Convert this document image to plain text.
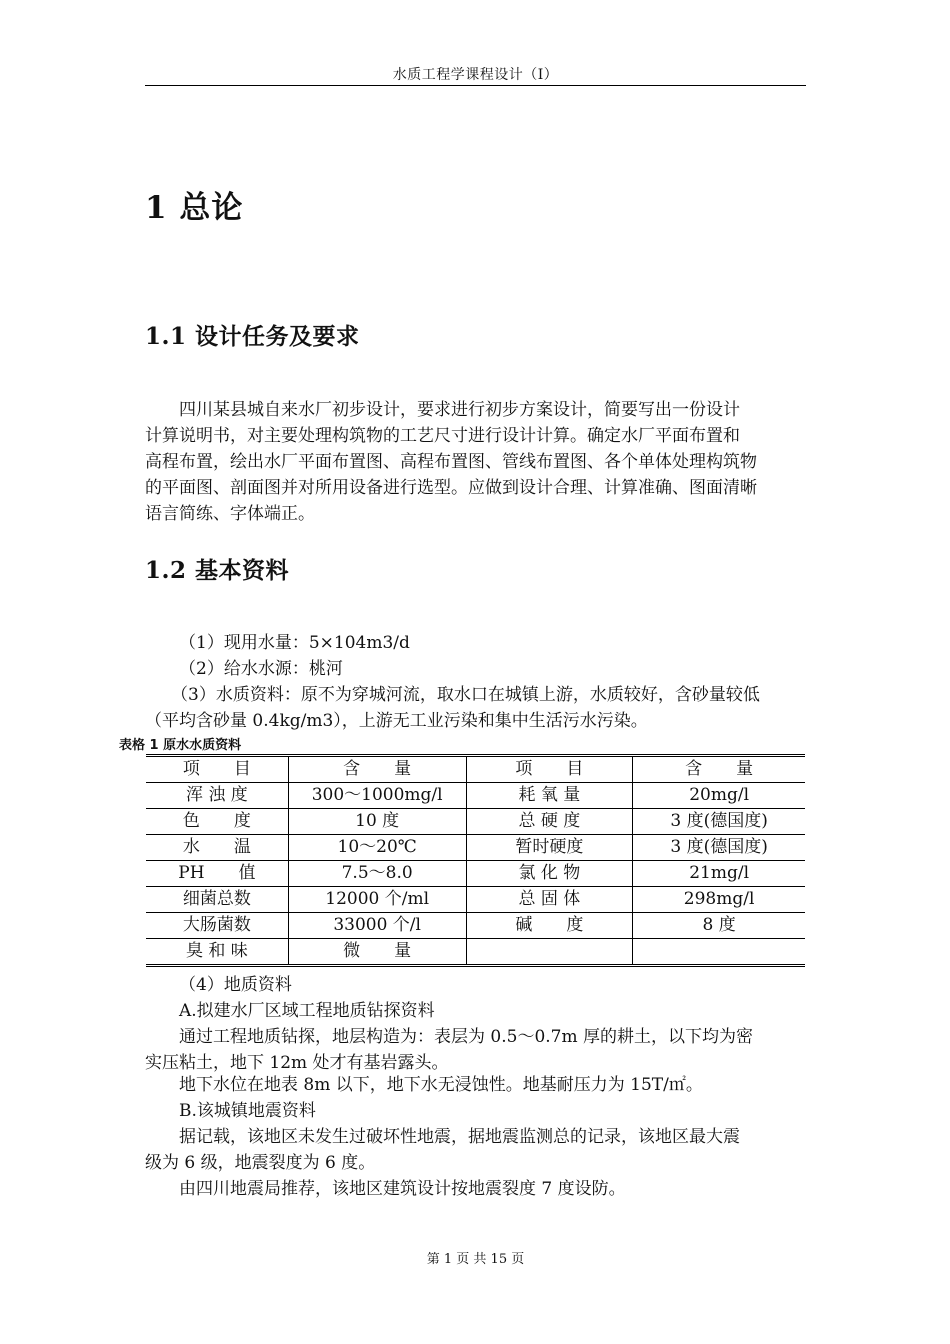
水质工程学课程设计（I）
1 总论
1.1 设计任务及要求
四川某县城自来水厂初步设计，要求进行初步方案设计，简要写出一份设计
计算说明书，对主要处理构筑物的工艺尺寸进行设计计算。确定水厂平面布置和
高程布置，绘出水厂平面布置图、高程布置图、管线布置图、各个单体处理构筑物
的平面图、剖面图并对所用设备进行选型。应做到设计合理、计算准确、图面清晰
语言简练、字体端正。
1.2 基本资料
（1）现用水量：5×104m3/d
（2）给水水源：桃河
（3）水质资料：原不为穿城河流，取水口在城镇上游，水质较好，含砂量较低
（平均含砂量 0.4kg/m3），上游无工业污染和集中生活污水污染。
表格 1 原水水质资料
项　　目	含　　量	项　　目	含　　量
浑 浊 度	300～1000mg/l	耗 氧 量	20mg/l
色　　度	10 度	总 硬 度	3 度(德国度)
水　　温	10～20℃	暂时硬度	3 度(德国度)
PH　　值	7.5～8.0	氯 化 物	21mg/l
细菌总数	12000 个/ml	总 固 体	298mg/l
大肠菌数	33000 个/l	碱　　度	8 度
臭 和 味	微　　量		
（4）地质资料
A.拟建水厂区域工程地质钻探资料
通过工程地质钻探，地层构造为：表层为 0.5～0.7m 厚的耕土，以下均为密
实压粘土，地下 12m 处才有基岩露头。
地下水位在地表 8m 以下，地下水无浸蚀性。地基耐压力为 15T/㎡。
B.该城镇地震资料
据记载，该地区未发生过破坏性地震，据地震监测总的记录，该地区最大震
级为 6 级，地震裂度为 6 度。
由四川地震局推荐，该地区建筑设计按地震裂度 7 度设防。
第 1 页 共 15 页
